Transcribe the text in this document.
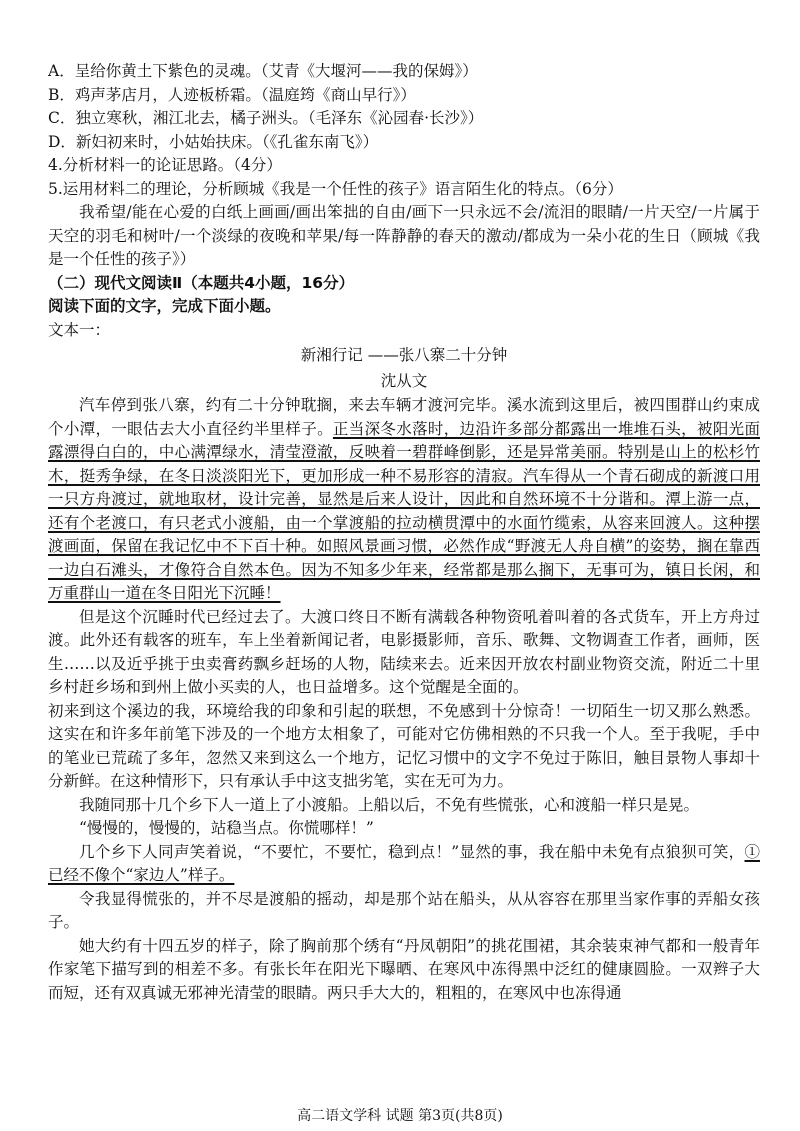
A．呈给你黄土下紫色的灵魂。（艾青《大堰河——我的保姆》）
B．鸡声茅店月，人迹板桥霜。（温庭筠《商山早行》）
C．独立寒秋，湘江北去，橘子洲头。（毛泽东《沁园春·长沙》）
D．新妇初来时，小姑始扶床。（《孔雀东南飞》）
4.分析材料一的论证思路。（4分）
5.运用材料二的理论，分析顾城《我是一个任性的孩子》语言陌生化的特点。（6分）
我希望/能在心爱的白纸上画画/画出笨拙的自由/画下一只永远不会/流泪的眼睛/一片天空/一片属于天空的羽毛和树叶/一个淡绿的夜晚和苹果/每一阵静静的春天的激动/都成为一朵小花的生日（顾城《我是一个任性的孩子》）
（二）现代文阅读Ⅱ（本题共4小题，16分）
阅读下面的文字，完成下面小题。
文本一：
新湘行记 ——张八寨二十分钟
沈从文
汽车停到张八寨，约有二十分钟耽搁，来去车辆才渡河完毕。溪水流到这里后，被四围群山约束成个小潭，一眼估去大小直径约半里样子。正当深冬水落时，边沿许多部分都露出一堆堆石头，被阳光面露漂得白白的，中心满潭绿水，清莹澄澈，反映着一碧群峰倒影，还是异常美丽。特别是山上的松杉竹木，挺秀争绿，在冬日淡淡阳光下，更加形成一种不易形容的清寂。汽车得从一个青石砌成的新渡口用一只方舟渡过，就地取材，设计完善，显然是后来人设计，因此和自然环境不十分谐和。潭上游一点，还有个老渡口，有只老式小渡船，由一个掌渡船的拉动横贯潭中的水面竹缆索，从容来回渡人。这种摆渡画面，保留在我记忆中不下百十种。如照风景画习惯，必然作成“野渡无人舟自横”的姿势，搁在靠西一边白石滩头，才像符合自然本色。因为不知多少年来，经常都是那么搁下，无事可为，镇日长闲，和万重群山一道在冬日阳光下沉睡！
但是这个沉睡时代已经过去了。大渡口终日不断有满载各种物资吼着叫着的各式货车，开上方舟过渡。此外还有载客的班车，车上坐着新闻记者，电影摄影师，音乐、歌舞、文物调查工作者，画师，医生……以及近乎挑于虫卖膏药飘乡赶场的人物，陆续来去。近来因开放农村副业物资交流，附近二十里乡村赶乡场和到州上做小买卖的人，也日益增多。这个觉醒是全面的。
初来到这个溪边的我，环境给我的印象和引起的联想，不免感到十分惊奇！一切陌生一切又那么熟悉。这实在和许多年前笔下涉及的一个地方太相象了，可能对它仿佛相熟的不只我一个人。至于我呢，手中的笔业已荒疏了多年，忽然又来到这么一个地方，记忆习惯中的文字不免过于陈旧，触目景物人事却十分新鲜。在这种情形下，只有承认手中这支拙劣笔，实在无可为力。
我随同那十几个乡下人一道上了小渡船。上船以后，不免有些慌张，心和渡船一样只是晃。
“慢慢的，慢慢的，站稳当点。你慌哪样！”
几个乡下人同声笑着说，“不要忙，不要忙，稳到点！”显然的事，我在船中未免有点狼狈可笑，①已经不像个“家边人”样子。
令我显得慌张的，并不尽是渡船的摇动，却是那个站在船头，从从容容在那里当家作事的弄船女孩子。
她大约有十四五岁的样子，除了胸前那个绣有“丹凤朝阳”的挑花围裙，其余装束神气都和一般青年作家笔下描写到的相差不多。有张长年在阳光下曝晒、在寒风中冻得黑中泛红的健康圆脸。一双辫子大而短，还有双真诚无邪神光清莹的眼睛。两只手大大的，粗粗的，在寒风中也冻得通
高二语文学科 试题 第3页(共8页)
